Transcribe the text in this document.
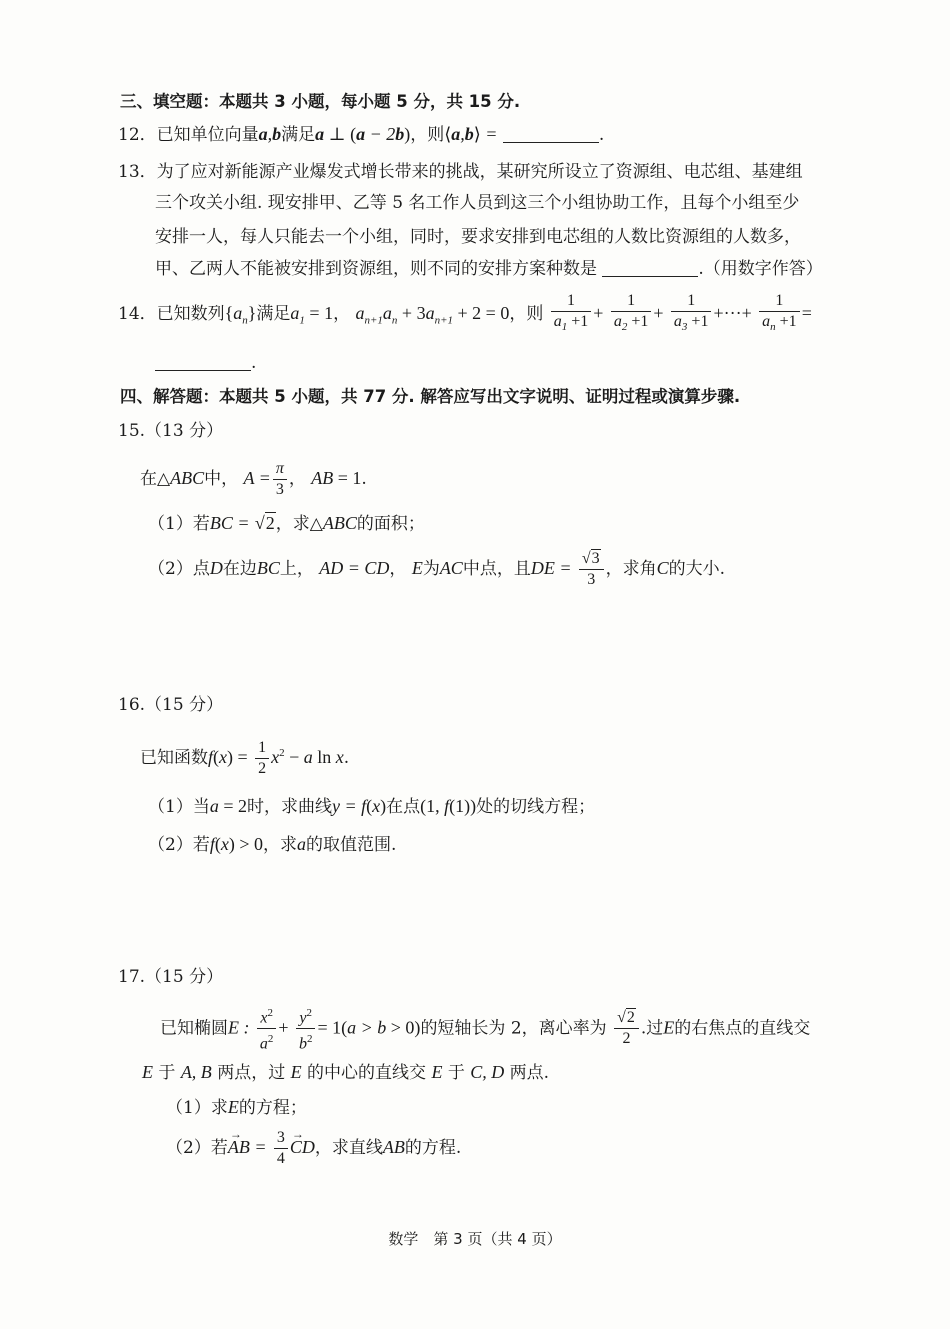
三、填空题：本题共 3 小题，每小题 5 分，共 15 分.
12．已知单位向量a,b满足a ⊥ (a − 2b)，则⟨a,b⟩ =	.
13．为了应对新能源产业爆发式增长带来的挑战，某研究所设立了资源组、电芯组、基建组
三个攻关小组. 现安排甲、乙等 5 名工作人员到这三个小组协助工作，且每个小组至少
安排一人，每人只能去一个小组，同时，要求安排到电芯组的人数比资源组的人数多，
甲、乙两人不能被安排到资源组，则不同的安排方案种数是	.（用数字作答）
14．已知数列$\{a_n\}$满足$a_1 = 1$， $a_{n+1}a_n + 3a_{n+1} + 2 = 0$，则 $\frac{1}{a_1 +1} + \frac{1}{a_2 +1} + \frac{1}{a_3 +1}$ +···+ $\frac{1}{a_n +1}$ =
.
四、解答题：本题共 5 小题，共 77 分. 解答应写出文字说明、证明过程或演算步骤.
15.（13 分）
在△ABC中， $A = \frac{\pi}{3}$ ， AB = 1.
（1）若BC = √2，求△ABC的面积；
（2）点D在边BC上， AD = CD， E为AC中点，且DE = $\frac{√3}{3}$ ，求角C的大小.
16.（15 分）
已知函数$f(x) = \frac{1}{2} x^2 - a$ ln x.
（1）当a = 2时，求曲线y = f(x)在点(1, f(1))处的切线方程；
（2）若f(x) > 0，求a的取值范围.
17.（15 分）
已知椭圆E : $\frac{x^2}{a^2} + \frac{y^2}{b^2} = 1(a > b > 0)$的短轴长为 2，离心率为 $\frac{√2}{2}$ .过E的右焦点的直线交
E 于 A, B 两点，过 E 的中心的直线交 E 于 C, D 两点.
（1）求E的方程；
（2）若→ AB = $\frac{3}{4}$
→ CD，求直线AB的方程.
数学　第 3 页（共 4 页）
